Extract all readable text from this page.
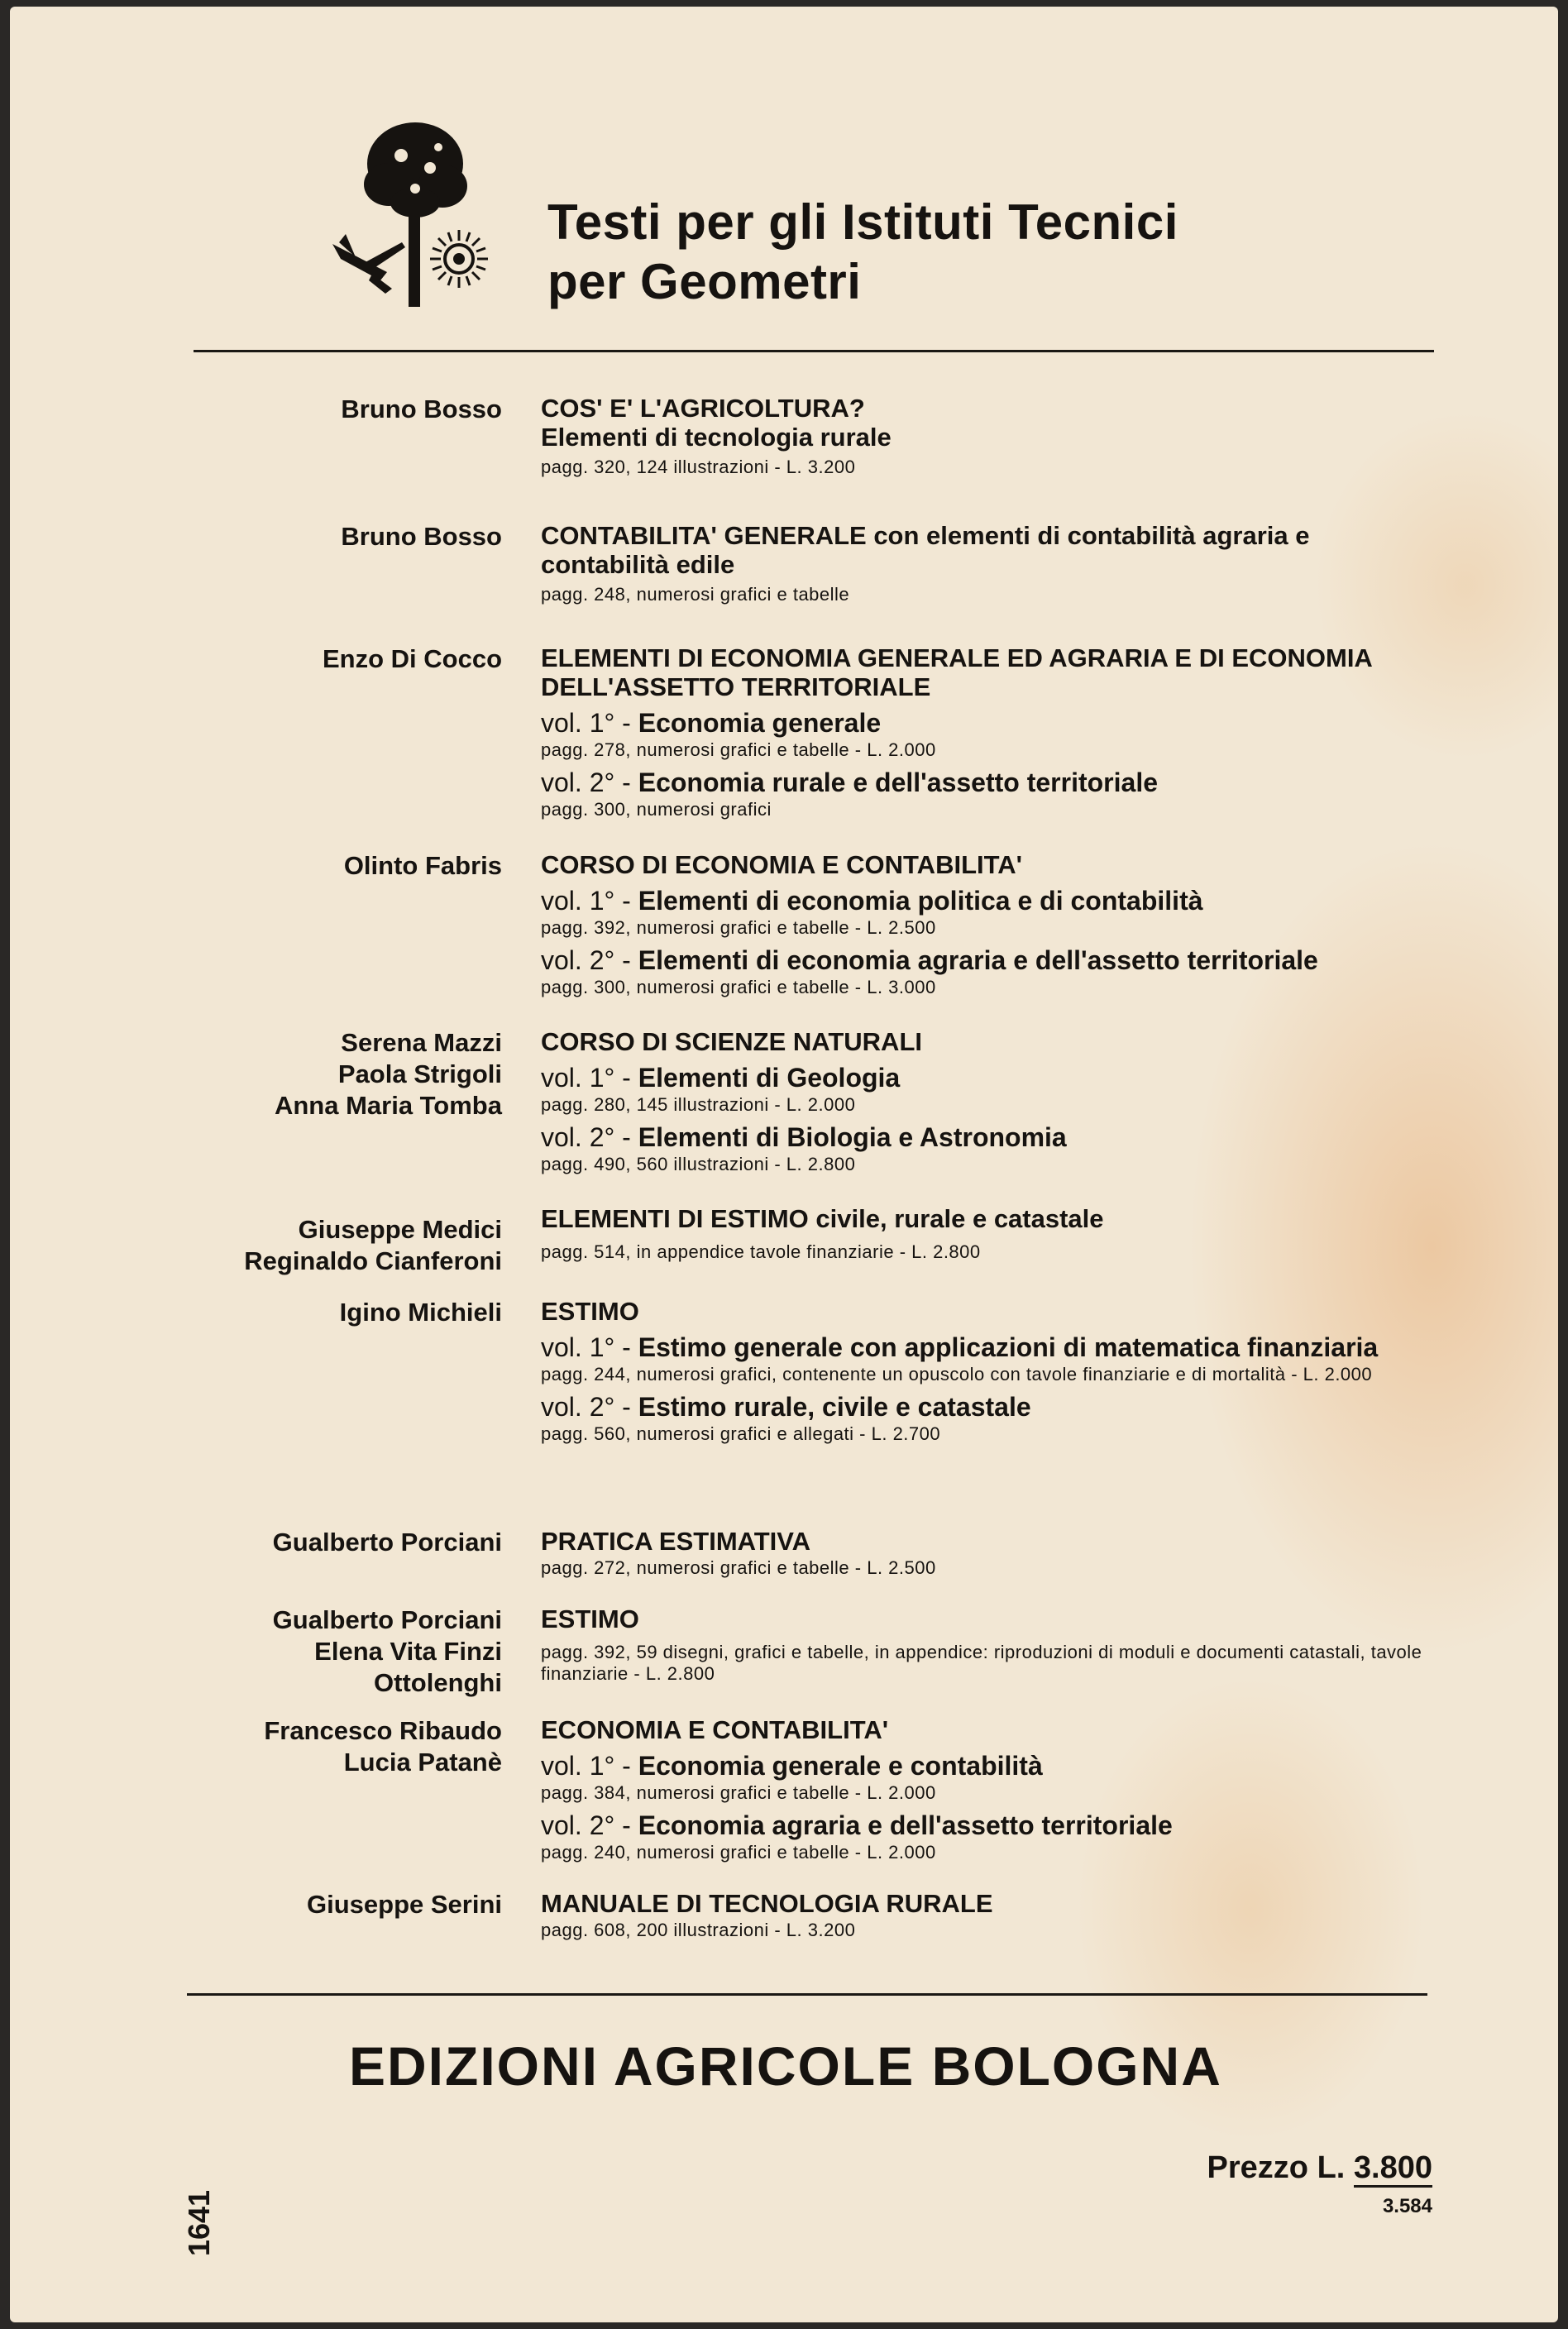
Testi per gli Istituti Tecnici
per Geometri
Bruno Bosso COS' E' L'AGRICOLTURA?
Elementi di tecnologia rurale
pagg. 320, 124 illustrazioni - L. 3.200
Bruno Bosso CONTABILITA' GENERALE con elementi di contabilità agraria e contabilità edile
pagg. 248, numerosi grafici e tabelle
Enzo Di Cocco ELEMENTI DI ECONOMIA GENERALE ED AGRARIA E DI ECONOMIA DELL'ASSETTO TERRITORIALE
vol. 1° - Economia generale
pagg. 278, numerosi grafici e tabelle - L. 2.000
vol. 2° - Economia rurale e dell'assetto territoriale
pagg. 300, numerosi grafici
Olinto Fabris CORSO DI ECONOMIA E CONTABILITA'
vol. 1° - Elementi di economia politica e di contabilità
pagg. 392, numerosi grafici e tabelle - L. 2.500
vol. 2° - Elementi di economia agraria e dell'assetto territoriale
pagg. 300, numerosi grafici e tabelle - L. 3.000
Serena Mazzi
Paola Strigoli
Anna Maria Tomba
CORSO DI SCIENZE NATURALI
vol. 1° - Elementi di Geologia
pagg. 280, 145 illustrazioni - L. 2.000
vol. 2° - Elementi di Biologia e Astronomia
pagg. 490, 560 illustrazioni - L. 2.800
Giuseppe Medici
Reginaldo Cianferoni
ELEMENTI DI ESTIMO civile, rurale e catastale
pagg. 514, in appendice tavole finanziarie - L. 2.800
Igino Michieli ESTIMO
vol. 1° - Estimo generale con applicazioni di matematica finanziaria
pagg. 244, numerosi grafici, contenente un opuscolo con tavole finanziarie e di mortalità - L. 2.000
vol. 2° - Estimo rurale, civile e catastale
pagg. 560, numerosi grafici e allegati - L. 2.700
Gualberto Porciani PRATICA ESTIMATIVA
pagg. 272, numerosi grafici e tabelle - L. 2.500
Gualberto Porciani
Elena Vita Finzi
Ottolenghi
ESTIMO
pagg. 392, 59 disegni, grafici e tabelle, in appendice: riproduzioni di moduli e documenti catastali, tavole finanziarie - L. 2.800
Francesco Ribaudo
Lucia Patanè
ECONOMIA E CONTABILITA'
vol. 1° - Economia generale e contabilità
pagg. 384, numerosi grafici e tabelle - L. 2.000
vol. 2° - Economia agraria e dell'assetto territoriale
pagg. 240, numerosi grafici e tabelle - L. 2.000
Giuseppe Serini MANUALE DI TECNOLOGIA RURALE
pagg. 608, 200 illustrazioni - L. 3.200
EDIZIONI AGRICOLE BOLOGNA
1641
Prezzo L. 3.800
3.584
